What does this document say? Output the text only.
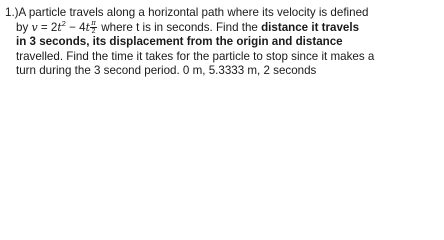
1.)A particle travels along a horizontal path where its velocity is defined
by $v = 2t^2 - 4t \frac{\pi}{2}$ where t is in seconds. Find the distance it travels
in 3 seconds, its displacement from the origin and distance
travelled. Find the time it takes for the particle to stop since it makes a
turn during the 3 second period. 0 m, 5.3333 m, 2 seconds
